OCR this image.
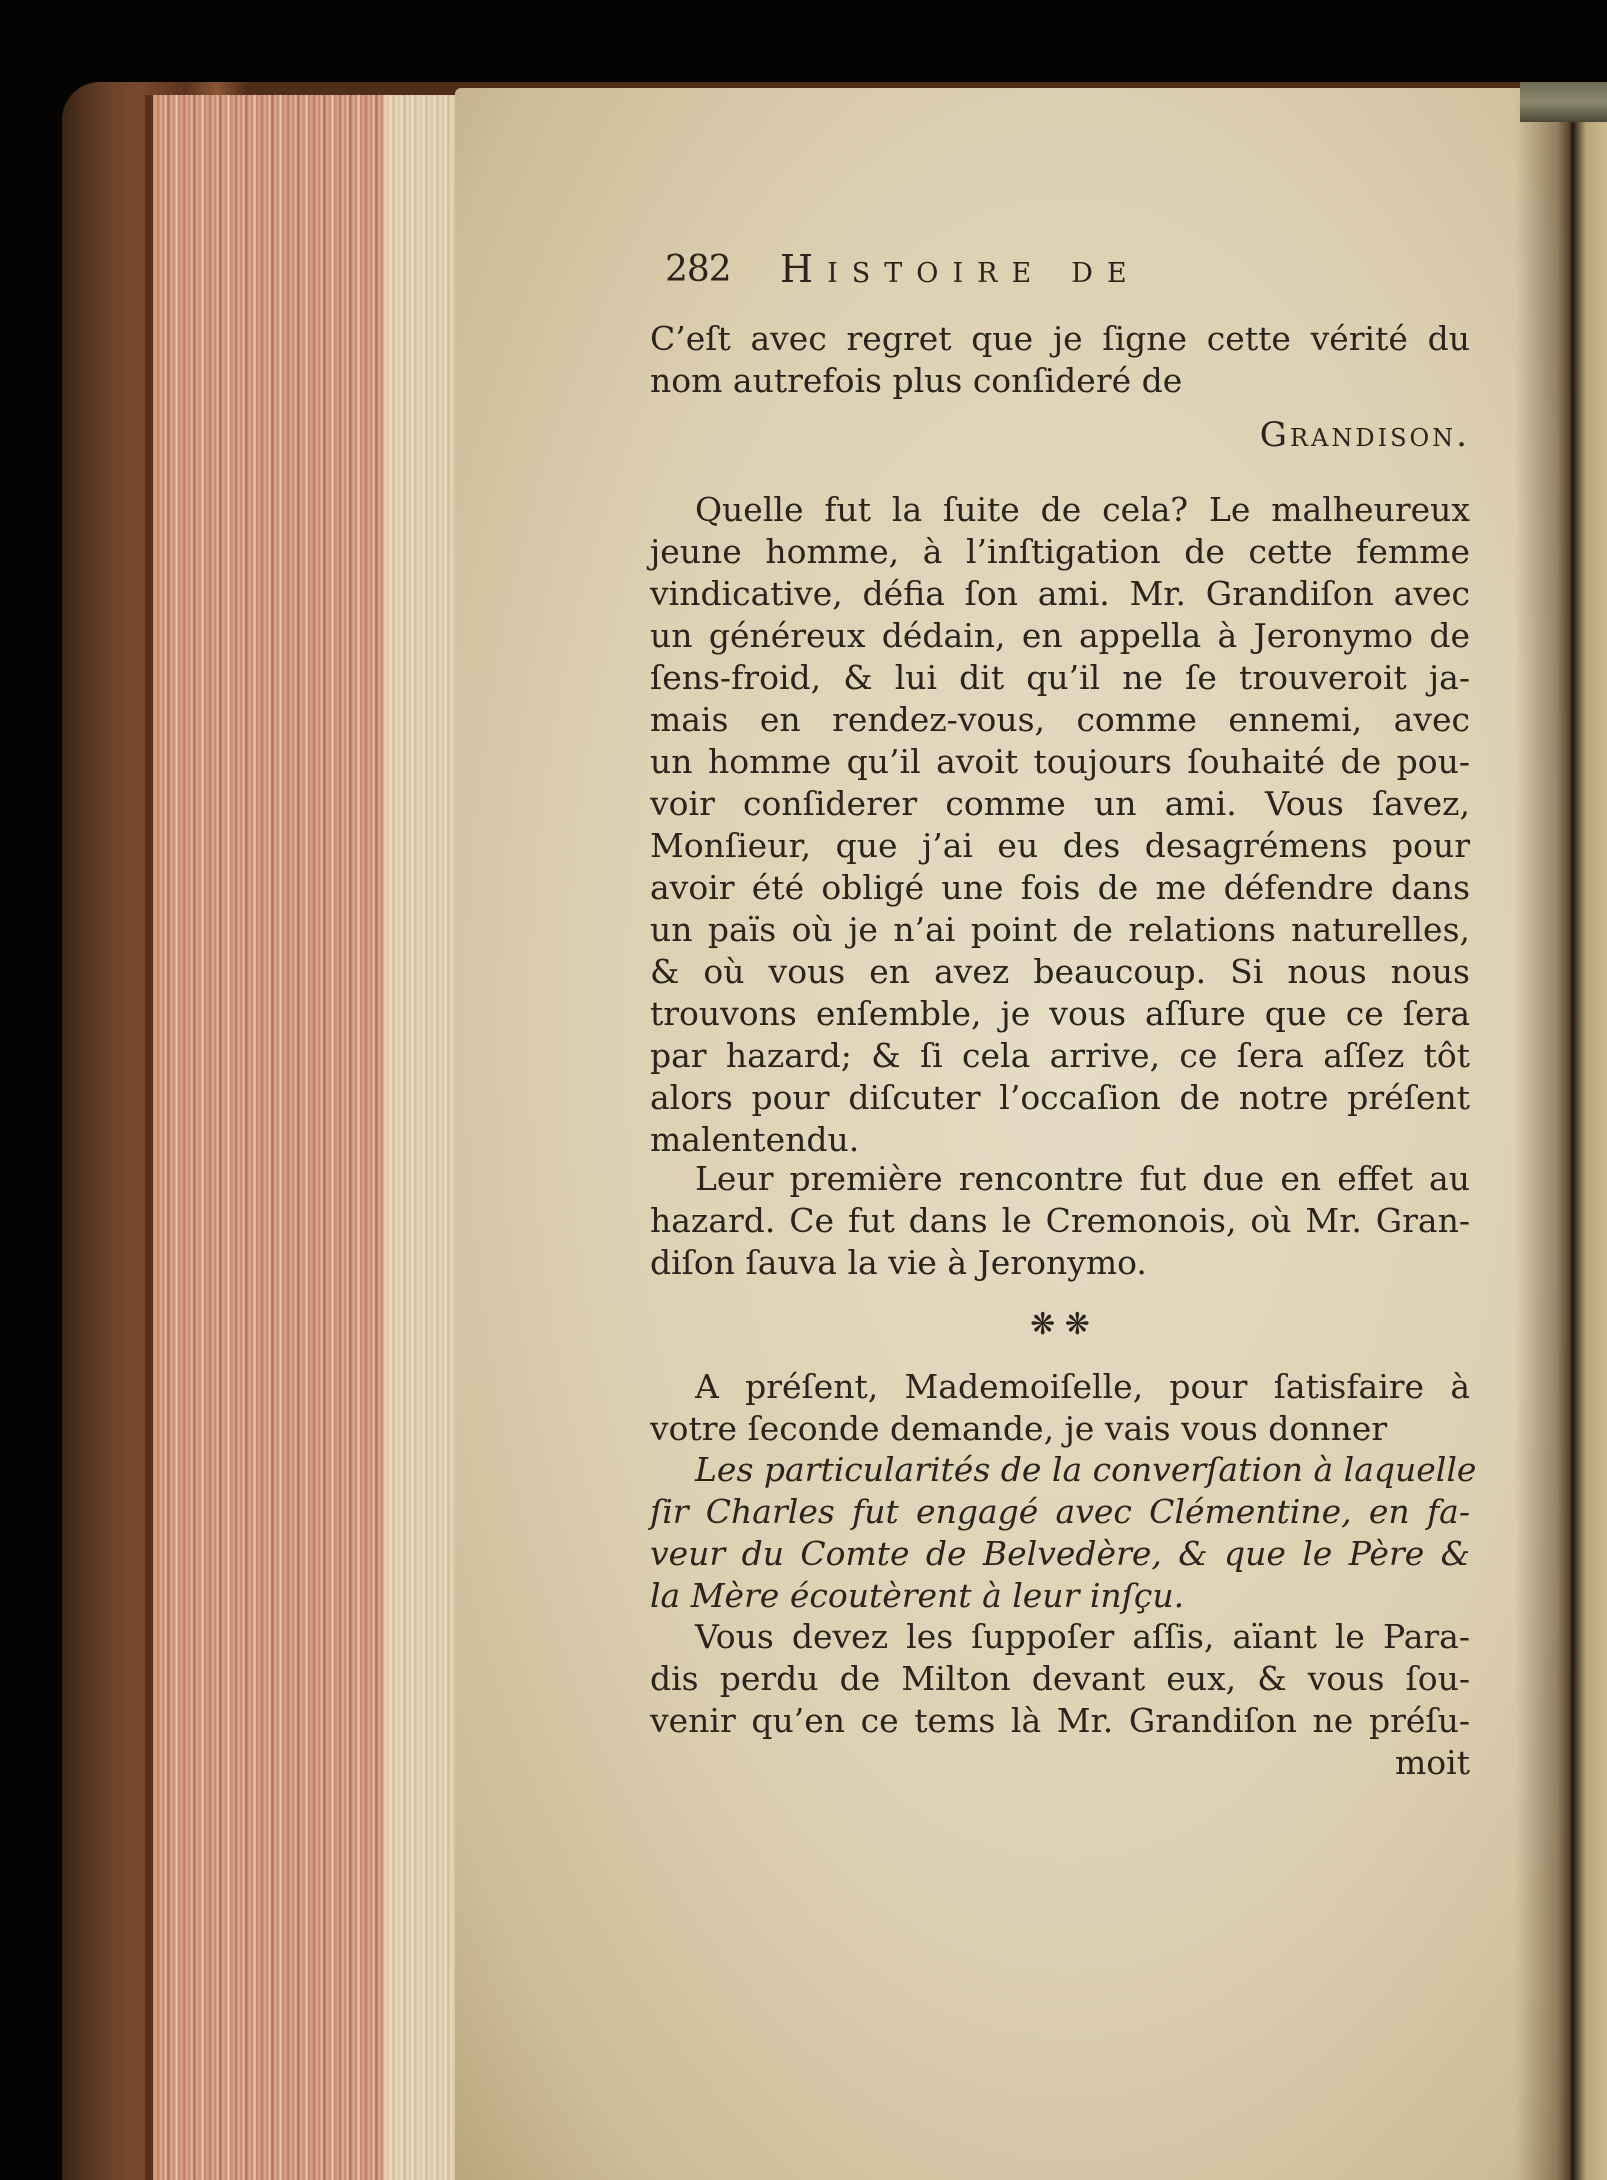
282 Histoire de
C’eſt avec regret que je ſigne cette vérité du
nom autrefois plus conſideré de
Grandison.
Quelle fut la ſuite de cela? Le malheureux
jeune homme, à l’inſtigation de cette femme
vindicative, défia ſon ami. Mr. Grandiſon avec
un généreux dédain, en appella à Jeronymo de
ſens-froid, & lui dit qu’il ne ſe trouveroit ja-
mais en rendez-vous, comme ennemi, avec
un homme qu’il avoit toujours ſouhaité de pou-
voir conſiderer comme un ami. Vous ſavez,
Monſieur, que j’ai eu des desagrémens pour
avoir été obligé une fois de me défendre dans
un païs où je n’ai point de relations naturelles,
& où vous en avez beaucoup. Si nous nous
trouvons enſemble, je vous aſſure que ce ſera
par hazard; & ſi cela arrive, ce ſera aſſez tôt
alors pour diſcuter l’occaſion de notre préſent
malentendu.
Leur première rencontre fut due en effet au
hazard. Ce fut dans le Cremonois, où Mr. Gran-
diſon ſauva la vie à Jeronymo.
❋ ❋
A préſent, Mademoiſelle, pour ſatisfaire à
votre ſeconde demande, je vais vous donner
Les particularités de la converſation à laquelle
ſir Charles fut engagé avec Clémentine, en fa-
veur du Comte de Belvedère, & que le Père &
la Mère écoutèrent à leur inſçu.
Vous devez les ſuppoſer aſſis, aïant le Para-
dis perdu de Milton devant eux, & vous ſou-
venir qu’en ce tems là Mr. Grandiſon ne préſu-
moit
